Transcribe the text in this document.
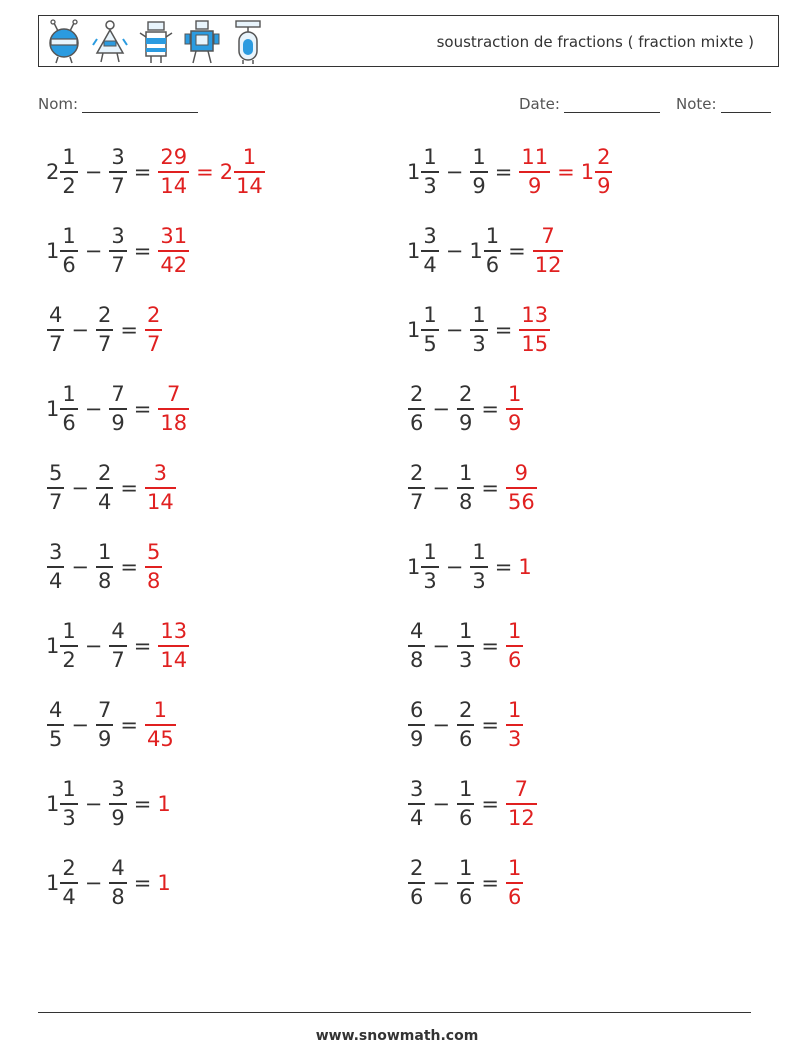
soustraction de fractions ( fraction mixte )
Nom:	Date:	Note:
$2 \frac{1}{2} - \frac{3}{7} = \frac{29}{14} = 2 \frac{1}{14}$	$1 \frac{1}{3} - \frac{1}{9} = \frac{11}{9} = 1 \frac{2}{9}$
$1 \frac{1}{6} - \frac{3}{7} = \frac{31}{42}$	$1 \frac{3}{4} - 1 \frac{1}{6} = \frac{7}{12}$
$\frac{4}{7} - \frac{2}{7} = \frac{2}{7}$	$1 \frac{1}{5} - \frac{1}{3} = \frac{13}{15}$
$1 \frac{1}{6} - \frac{7}{9} = \frac{7}{18}$	$\frac{2}{6} - \frac{2}{9} = \frac{1}{9}$
$\frac{5}{7} - \frac{2}{4} = \frac{3}{14}$	$\frac{2}{7} - \frac{1}{8} = \frac{9}{56}$
$\frac{3}{4} - \frac{1}{8} = \frac{5}{8}$	$1 \frac{1}{3} - \frac{1}{3} = 1$
$1 \frac{1}{2} - \frac{4}{7} = \frac{13}{14}$	$\frac{4}{8} - \frac{1}{3} = \frac{1}{6}$
$\frac{4}{5} - \frac{7}{9} = \frac{1}{45}$	$\frac{6}{9} - \frac{2}{6} = \frac{1}{3}$
$1 \frac{1}{3} - \frac{3}{9} = 1$	$\frac{3}{4} - \frac{1}{6} = \frac{7}{12}$
$1 \frac{2}{4} - \frac{4}{8} = 1$	$\frac{2}{6} - \frac{1}{6} = \frac{1}{6}$
www.snowmath.com
